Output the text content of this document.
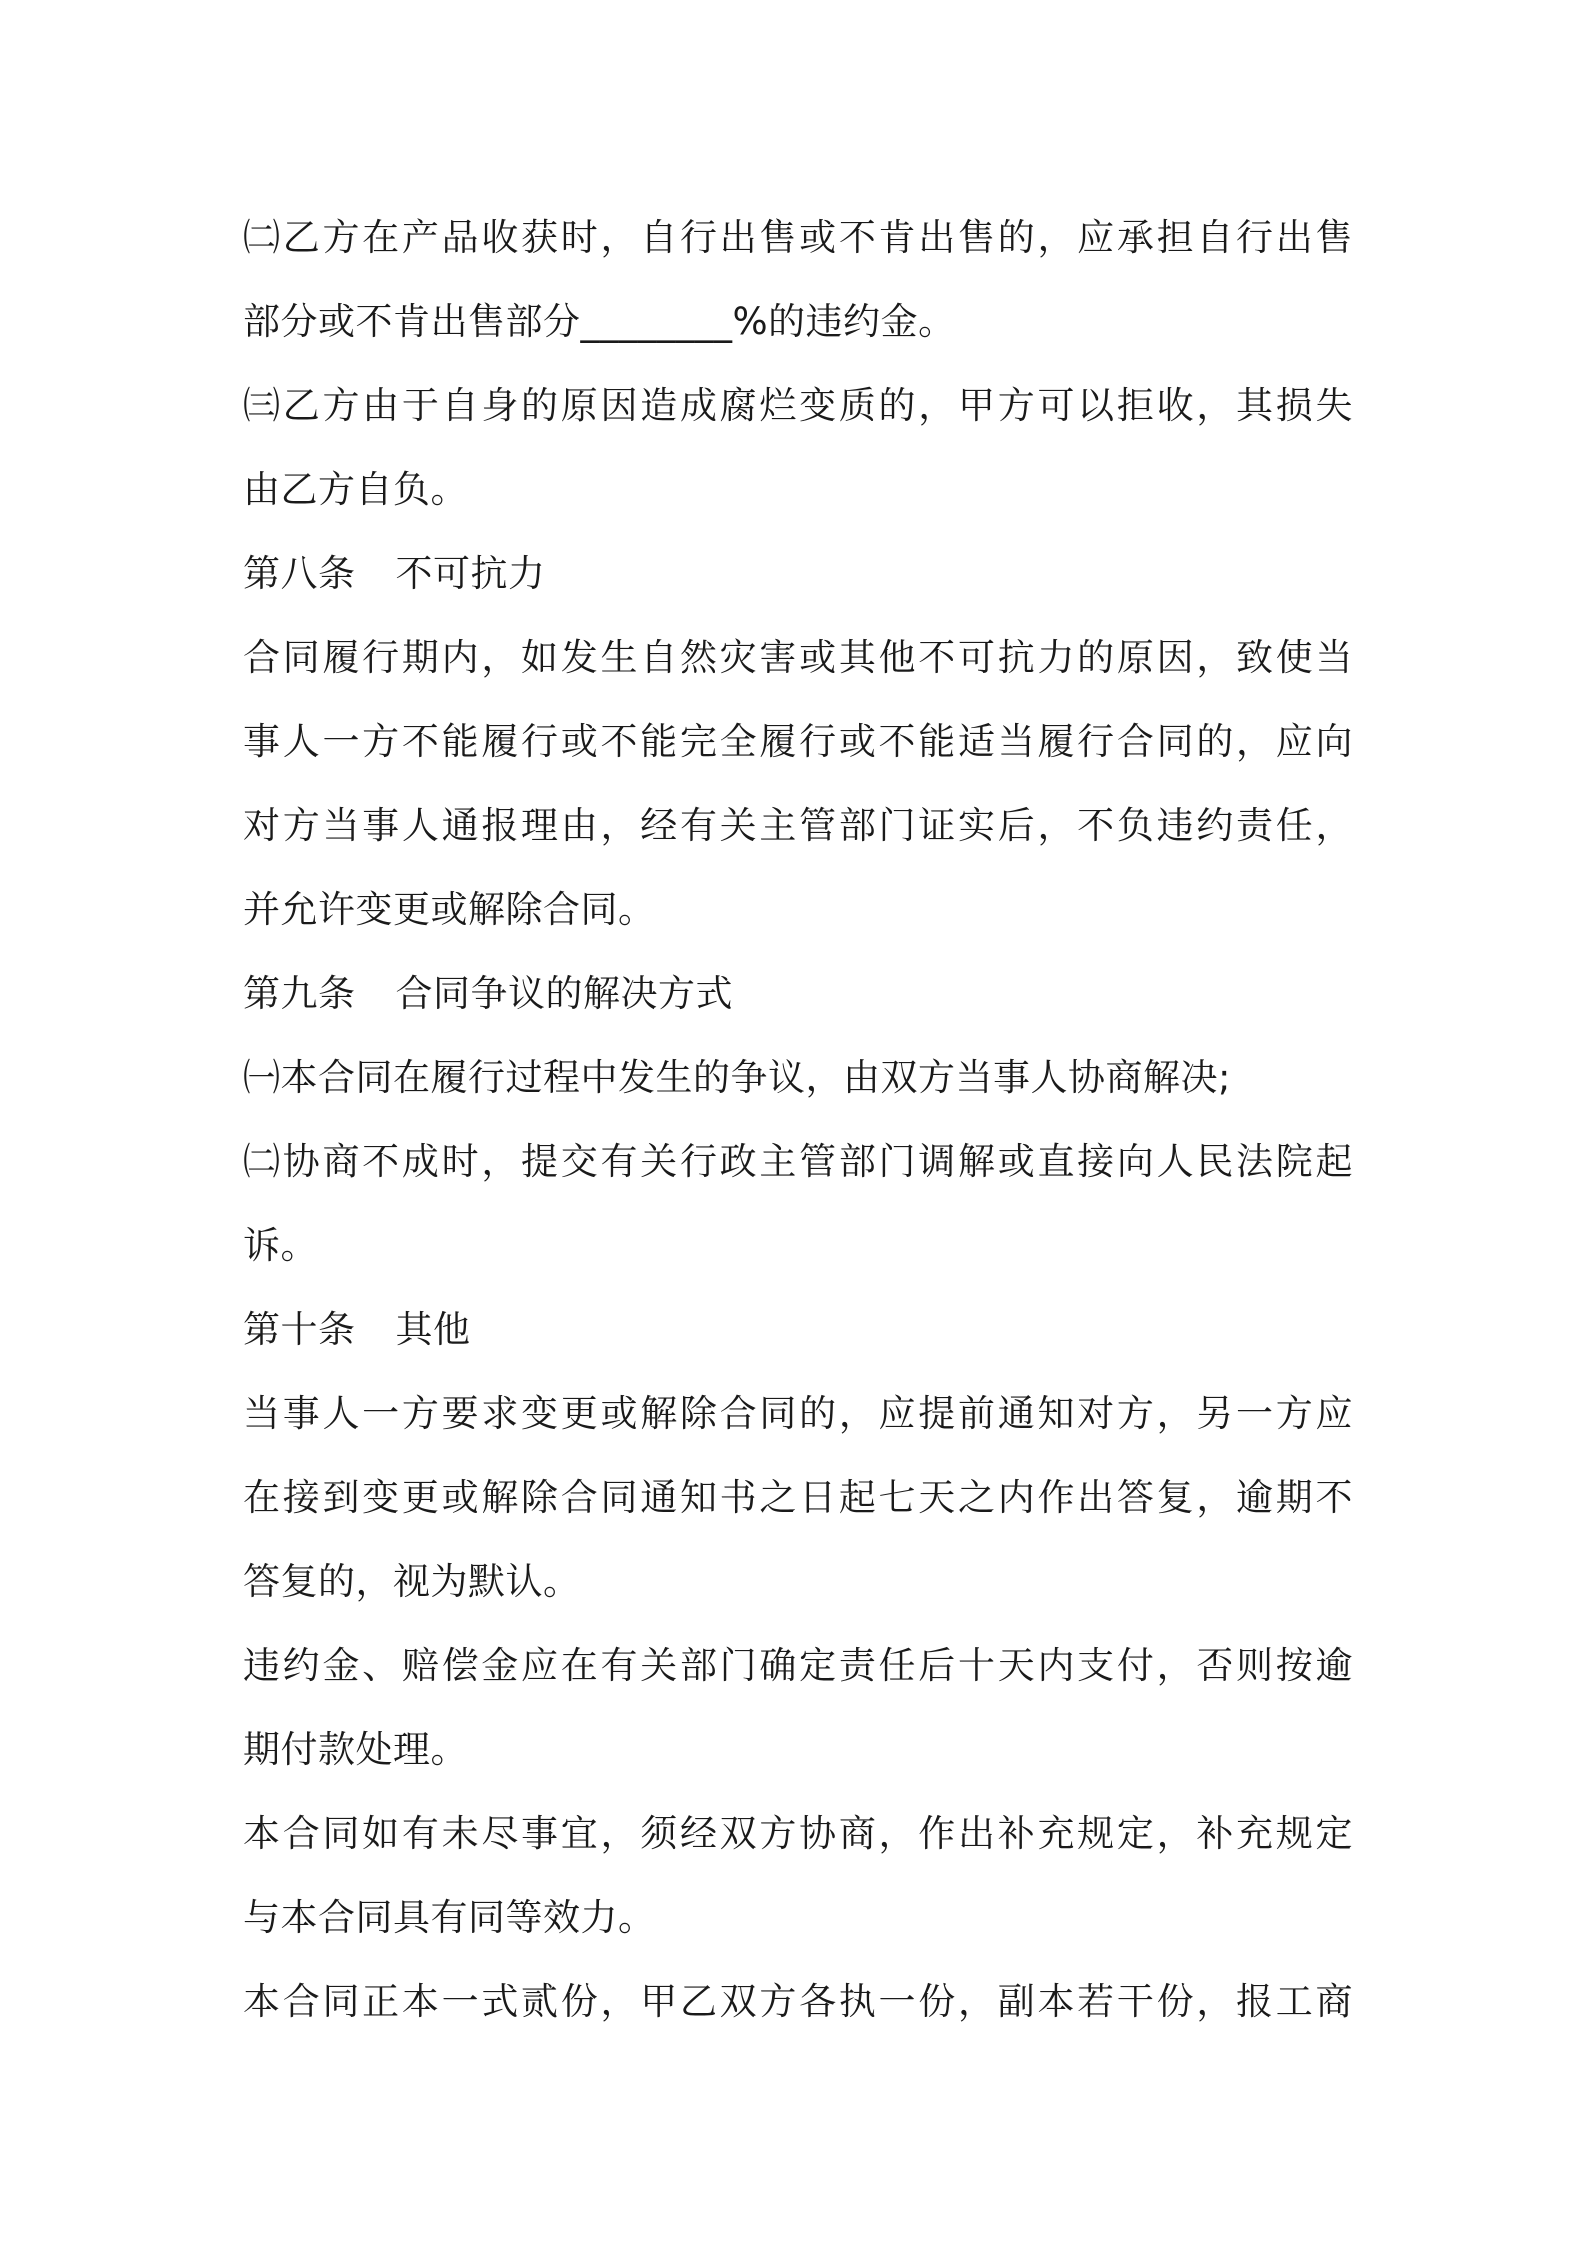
㈡乙方在产品收获时，自行出售或不肯出售的，应承担自行出售
部分或不肯出售部分________%的违约金。
㈢乙方由于自身的原因造成腐烂变质的，甲方可以拒收，其损失
由乙方自负。
第八条 不可抗力
合同履行期内，如发生自然灾害或其他不可抗力的原因，致使当
事人一方不能履行或不能完全履行或不能适当履行合同的，应向
对方当事人通报理由，经有关主管部门证实后，不负违约责任，
并允许变更或解除合同。
第九条 合同争议的解决方式
㈠本合同在履行过程中发生的争议，由双方当事人协商解决;
㈡协商不成时，提交有关行政主管部门调解或直接向人民法院起
诉。
第十条 其他
当事人一方要求变更或解除合同的，应提前通知对方，另一方应
在接到变更或解除合同通知书之日起七天之内作出答复，逾期不
答复的，视为默认。
违约金、赔偿金应在有关部门确定责任后十天内支付，否则按逾
期付款处理。
本合同如有未尽事宜，须经双方协商，作出补充规定，补充规定
与本合同具有同等效力。
本合同正本一式贰份，甲乙双方各执一份，副本若干份，报工商
